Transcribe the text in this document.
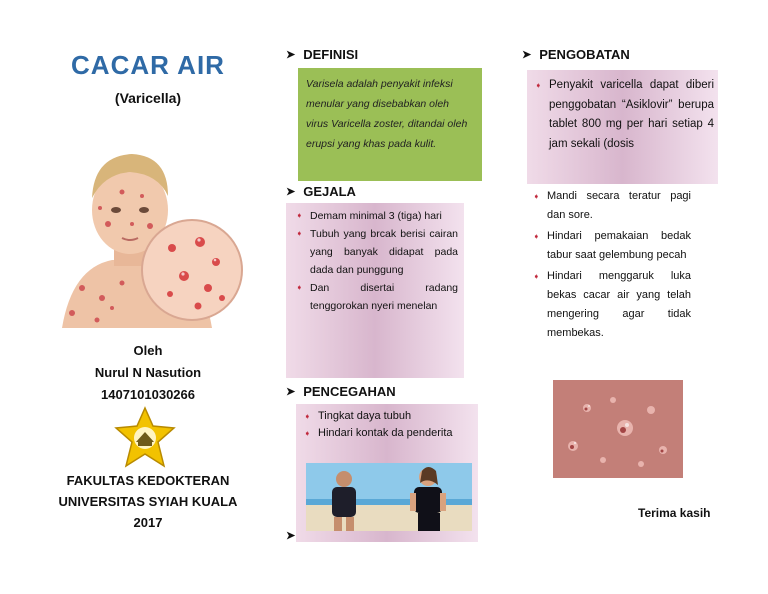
CACAR AIR
(Varicella)
Oleh
Nurul N Nasution
1407101030266
FAKULTAS KEDOKTERAN
UNIVERSITAS SYIAH KUALA
2017
➤ DEFINISI
Varisela adalah penyakit infeksi menular yang disebabkan oleh virus Varicella zoster, ditandai oleh erupsi yang khas pada kulit.
➤ GEJALA
➧ Demam minimal 3 (tiga) hari
➧ Tubuh yang brcak berisi cairan yang banyak didapat pada dada dan punggung
➧ Dan disertai radang tenggorokan nyeri menelan
➤ PENCEGAHAN
➧ Tingkat daya tubuh
➧ Hindari kontak da penderita
➤
➤ PENGOBATAN
➧ Penyakit varicella dapat diberi penggobatan “Asiklovir” berupa tablet 800 mg per hari setiap 4 jam sekali (dosis
➧ Mandi secara teratur pagi dan sore.
➧ Hindari pemakaian bedak tabur saat gelembung pecah
➧ Hindari menggaruk luka bekas cacar air yang telah mengering agar tidak membekas.
Terima kasih
